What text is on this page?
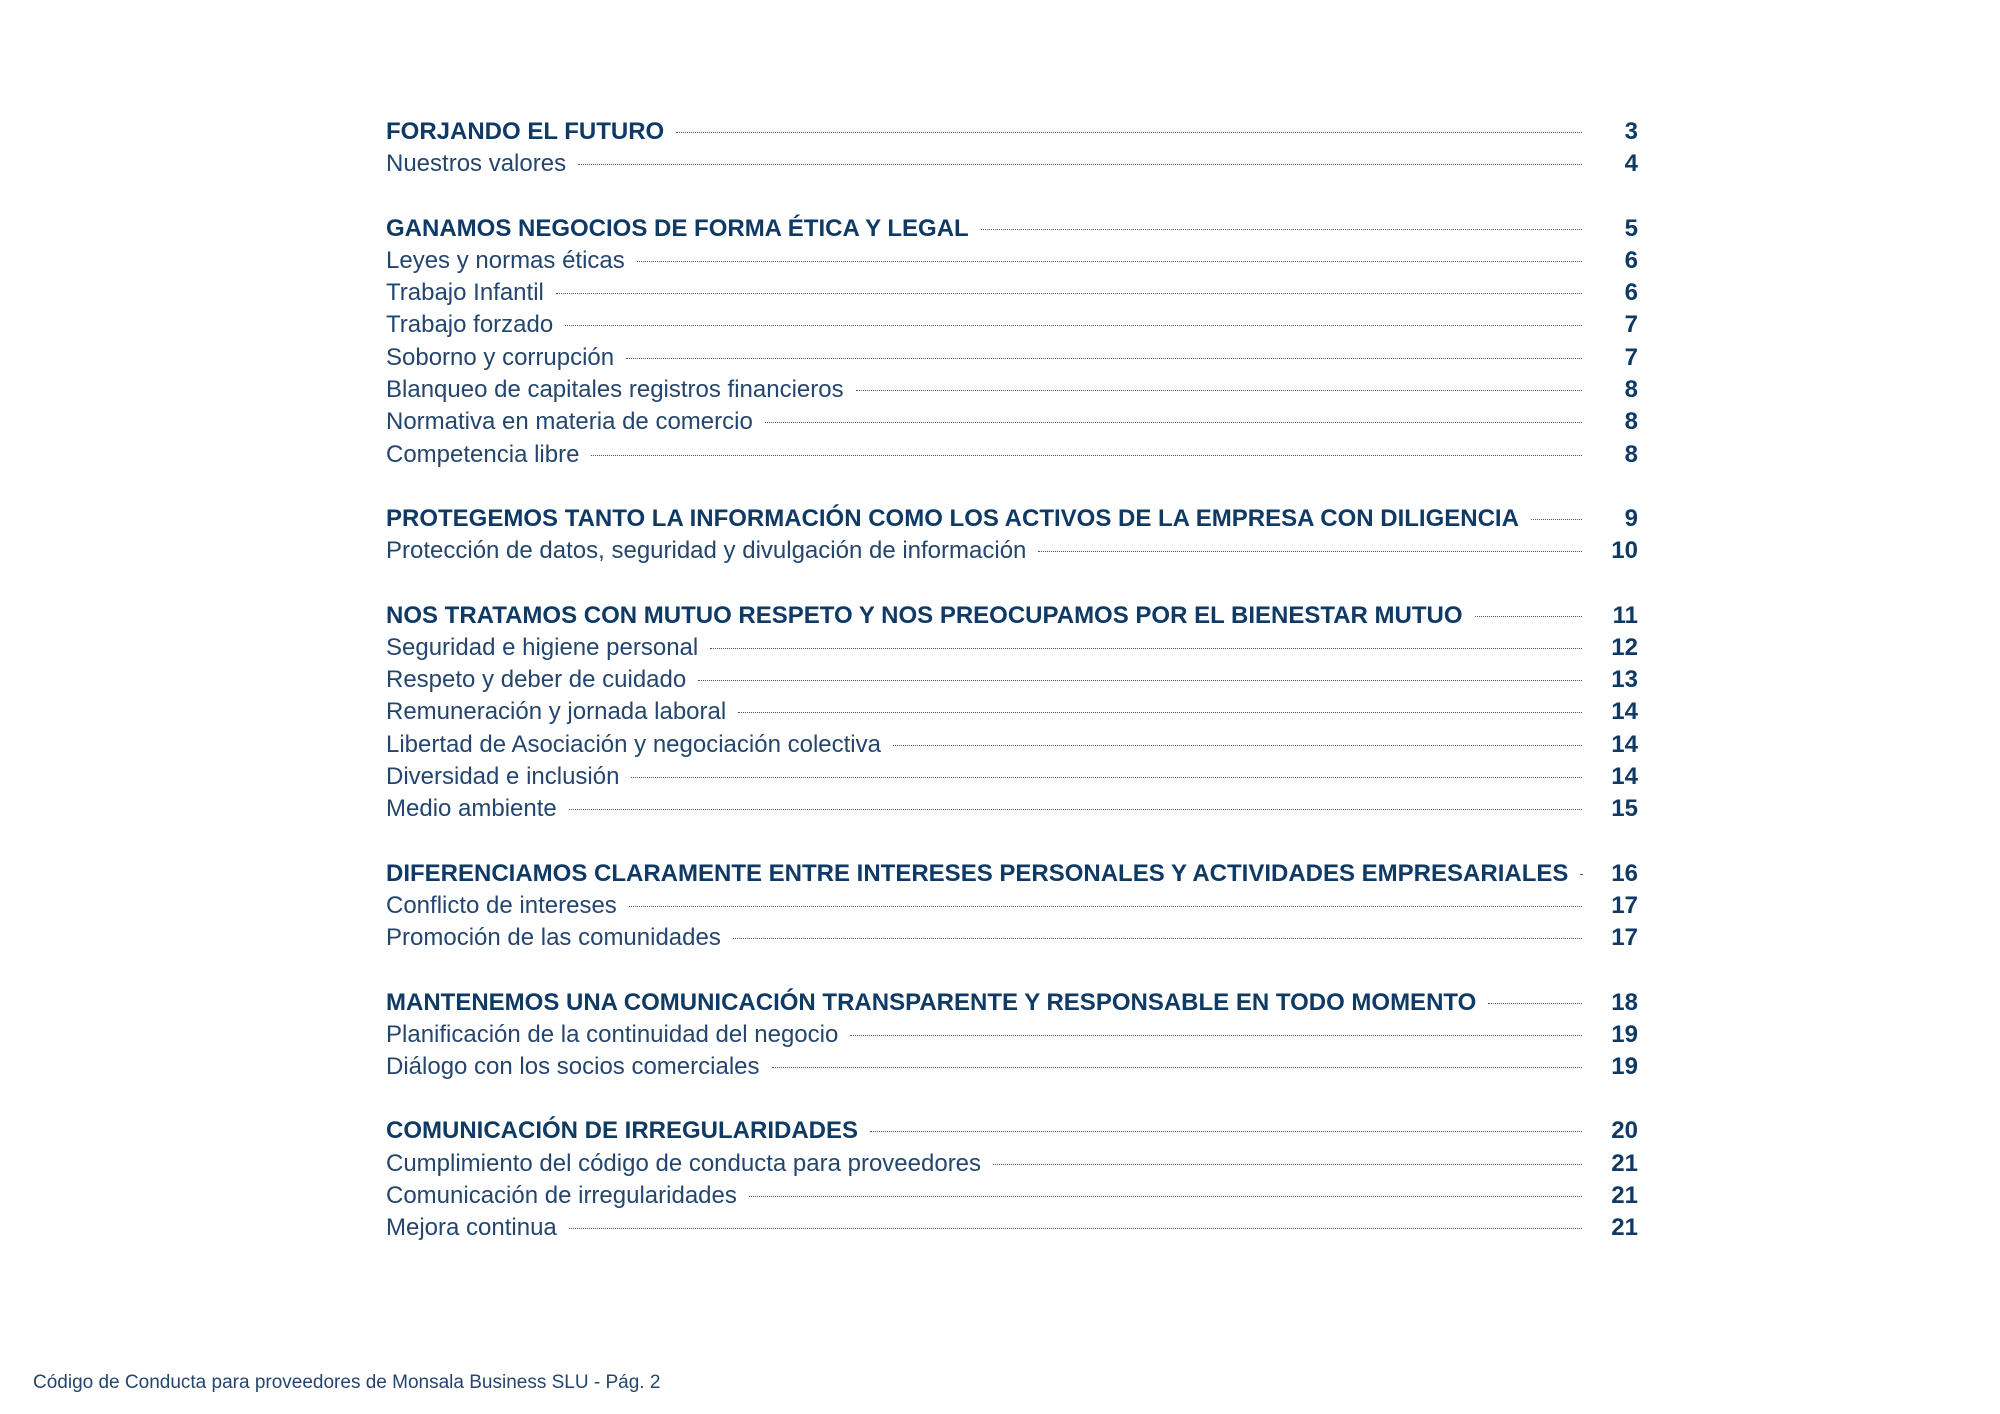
FORJANDO EL FUTURO	3
Nuestros valores	4
GANAMOS NEGOCIOS DE FORMA ÉTICA Y LEGAL	5
Leyes y normas éticas	6
Trabajo Infantil	6
Trabajo forzado	7
Soborno y corrupción	7
Blanqueo de capitales registros financieros	8
Normativa en materia de comercio	8
Competencia libre	8
PROTEGEMOS TANTO LA INFORMACIÓN COMO LOS ACTIVOS DE LA EMPRESA CON DILIGENCIA	9
Protección de datos, seguridad y divulgación de información	10
NOS TRATAMOS CON MUTUO RESPETO Y NOS PREOCUPAMOS POR EL BIENESTAR MUTUO	11
Seguridad e higiene personal	12
Respeto y deber de cuidado	13
Remuneración y jornada laboral	14
Libertad de Asociación y negociación colectiva	14
Diversidad e inclusión	14
Medio ambiente	15
DIFERENCIAMOS CLARAMENTE ENTRE INTERESES PERSONALES Y ACTIVIDADES EMPRESARIALES	16
Conflicto de intereses	17
Promoción de las comunidades	17
MANTENEMOS UNA COMUNICACIÓN TRANSPARENTE Y RESPONSABLE EN TODO MOMENTO	18
Planificación de la continuidad del negocio	19
Diálogo con los socios comerciales	19
COMUNICACIÓN DE IRREGULARIDADES	20
Cumplimiento del código de conducta para proveedores	21
Comunicación de irregularidades	21
Mejora continua	21
Código de Conducta para proveedores de Monsala Business SLU - Pág. 2
